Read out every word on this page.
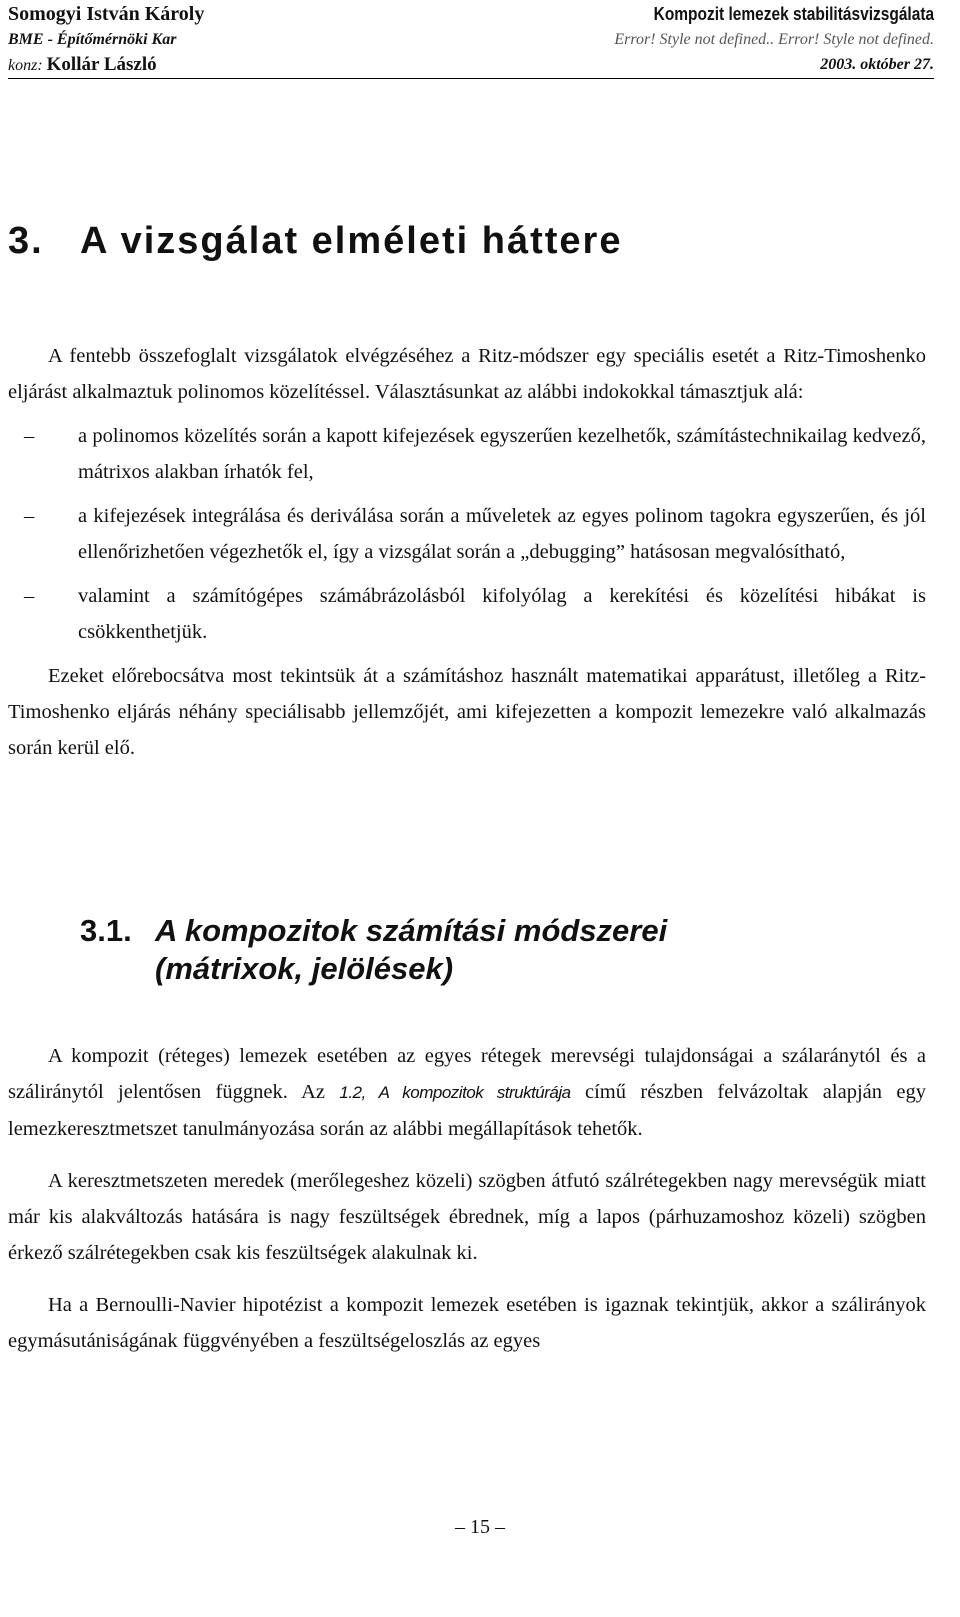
Somogyi István Károly
BME - Építőmérnöki Kar
konz: Kollár László
Kompozit lemezek stabilitásvizsgálata
Error! Style not defined.. Error! Style not defined.
2003. október 27.
3. A vizsgálat elméleti háttere

A fentebb összefoglalt vizsgálatok elvégzéséhez a Ritz-módszer egy speciális esetét a Ritz-Timoshenko eljárást alkalmaztuk polinomos közelítéssel. Választásunkat az alábbi indokokkal támasztjuk alá:

– a polinomos közelítés során a kapott kifejezések egyszerűen kezelhetők, számítástechnikailag kedvező, mátrixos alakban írhatók fel,
– a kifejezések integrálása és deriválása során a műveletek az egyes polinom tagokra egyszerűen, és jól ellenőrizhetően végezhetők el, így a vizsgálat során a „debugging” hatásosan megvalósítható,
– valamint a számítógépes számábrázolásból kifolyólag a kerekítési és közelítési hibákat is csökkenthetjük.

Ezeket előrebocsátva most tekintsük át a számításhoz használt matematikai apparátust, illetőleg a Ritz-Timoshenko eljárás néhány speciálisabb jellemzőjét, ami kifejezetten a kompozit lemezekre való alkalmazás során kerül elő.

3.1. A kompozitok számítási módszerei
(mátrixok, jelölések)

A kompozit (réteges) lemezek esetében az egyes rétegek merevségi tulajdonságai a szálaránytól és a száliránytól jelentősen függnek. Az 1.2, A kompozitok struktúrája című részben felvázoltak alapján egy lemezkeresztmetszet tanulmányozása során az alábbi megállapítások tehetők.

A keresztmetszeten meredek (merőlegeshez közeli) szögben átfutó szálrétegekben nagy merevségük miatt már kis alakváltozás hatására is nagy feszültségek ébrednek, míg a lapos (párhuzamoshoz közeli) szögben érkező szálrétegekben csak kis feszültségek alakulnak ki.

Ha a Bernoulli-Navier hipotézist a kompozit lemezek esetében is igaznak tekintjük, akkor a szálirányok egymásutániságának függvényében a feszültségeloszlás az egyes

– 15 –
